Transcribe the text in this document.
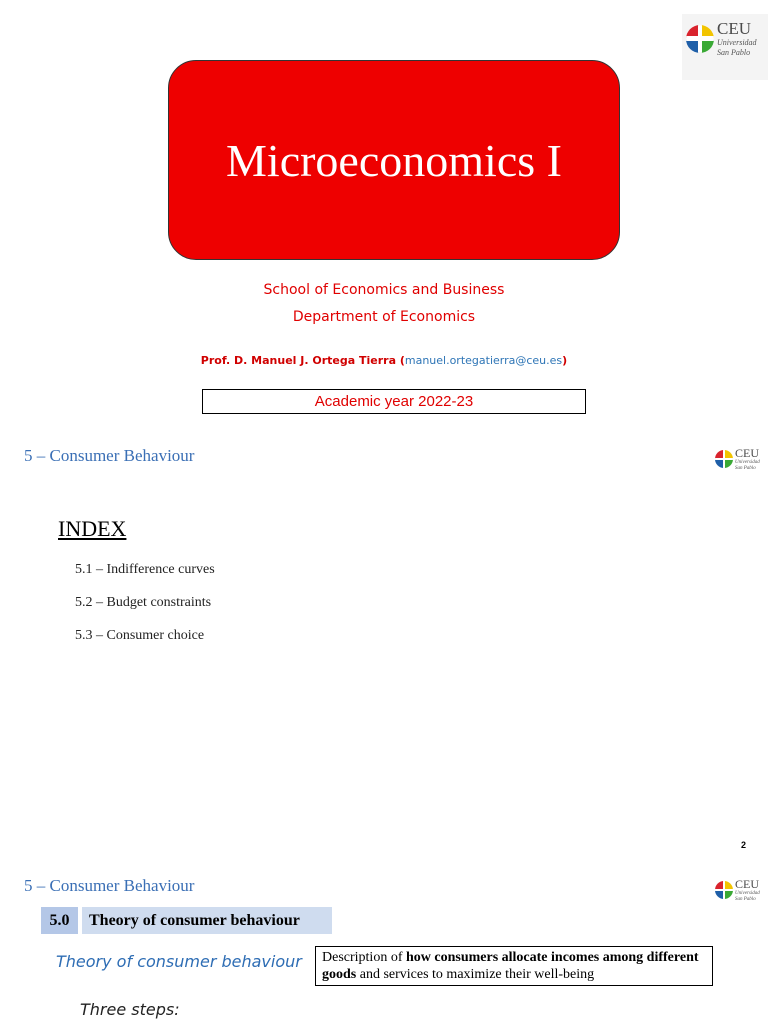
CEU
Universidad
San Pablo
Microeconomics I
School of Economics and Business
Department of Economics
Prof. D. Manuel J. Ortega Tierra (manuel.ortegatierra@ceu.es)
Academic year 2022-23
5 – Consumer Behaviour	CEU
Universidad
San Pablo
INDEX
5.1 – Indifference curves
5.2 – Budget constraints
5.3 – Consumer choice
2
5 – Consumer Behaviour	CEU
Universidad
San Pablo
5.0	Theory of consumer behaviour
Theory of consumer behaviour	Description of how consumers allocate incomes among different goods and services to maximize their well-being
Three steps:
